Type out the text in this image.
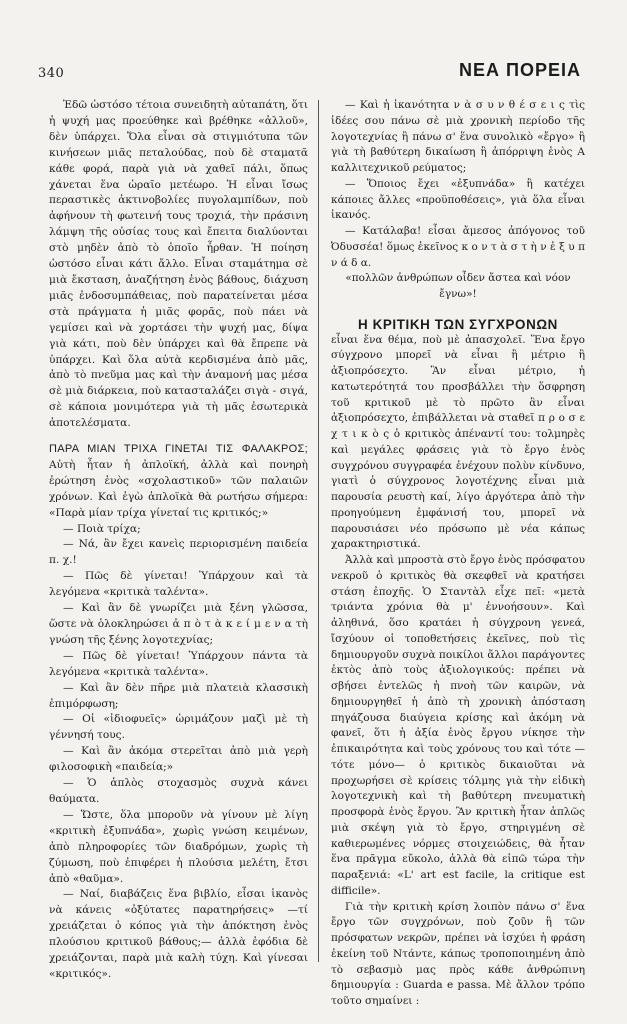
340	ΝΕΑ ΠΟΡΕΙΑ

Ἐδῶ ὡστόσο τέτοια συνειδητὴ αὐταπάτη, ὅτι ἡ ψυχή μας προεύθηκε καὶ βρέθηκε «ἀλλοῦ», δὲν ὑπάρχει. Ὅλα εἶναι σὰ στιγμιότυπα τῶν κινήσεων μιᾶς πεταλούδας, ποὺ δὲ σταματᾶ κάθε φορά, παρὰ γιὰ νὰ χαθεῖ πάλι, ὅπως χάνεται ἕνα ὡραῖο μετέωρο. Ἡ εἶναι ἴσως περαστικὲς ἀκτινοβολίες πυγολαμπίδων, ποὺ ἀφήνουν τὴ φωτεινή τους τροχιά, τὴν πράσινη λάμψη τῆς οὐσίας τους καὶ ἔπειτα διαλύονται στὸ μηδὲν ἀπὸ τὸ ὁποῖο ἦρθαν. Ἡ ποίηση ὡστόσο εἶναι κάτι ἄλλο. Εἶναι σταμάτημα σὲ μιὰ ἔκσταση, ἀναζήτηση ἑνὸς βάθους, διάχυση μιᾶς ἐνδοσυμπάθειας, ποὺ παρατείνεται μέσα στὰ πράγματα ἡ μιᾶς φορᾶς, ποὺ πάει νὰ γεμίσει καὶ νὰ χορτάσει τὴν ψυχή μας, δίψα γιὰ κάτι, ποὺ δὲν ὑπάρχει καὶ θὰ ἔπρεπε νὰ ὑπάρχει. Καὶ ὅλα αὐτὰ κερδισμένα ἀπὸ μᾶς, ἀπὸ τὸ πνεῦμα μας καὶ τὴν ἀναμονή μας μέσα σὲ μιὰ διάρκεια, ποὺ κατασταλάζει σιγὰ - σιγά, σὲ κάποια μονιμότερα γιὰ τὴ μᾶς ἐσωτερικὰ ἀποτελέσματα.

ΠΑΡΑ ΜΙΑΝ ΤΡΙΧΑ ΓΙΝΕΤΑΙ ΤΙΣ ΦΑΛΑΚΡΟΣ; Αὐτὴ ἦταν ἡ ἁπλοϊκή, ἀλλὰ καὶ πονηρὴ ἐρώτηση ἑνὸς «σχολαστικοῦ» τῶν παλαιῶν χρόνων. Καὶ ἐγὼ ἁπλοϊκὰ θὰ ρωτήσω σήμερα: «Παρὰ μίαν τρίχα γίνεταί τις κριτικός;»

— Ποιὰ τρίχα;

— Νά, ἂν ἔχει κανεὶς περιορισμένη παιδεία π. χ.!

— Πῶς δὲ γίνεται! Ὑπάρχουν καὶ τὰ λεγόμενα «κριτικὰ ταλέντα».

— Καὶ ἂν δὲ γνωρίζει μιὰ ξένη γλῶσσα, ὥστε νὰ ὁλοκληρώσει ἀ π ὸ τ ὰ κ ε ί μ ε ν α τὴ γνώση τῆς ξένης λογοτεχνίας;

— Πῶς δὲ γίνεται! Ὑπάρχουν πάντα τὰ λεγόμενα «κριτικὰ ταλέντα».

— Καὶ ἂν δὲν πῆρε μιὰ πλατειὰ κλασσικὴ ἐπιμόρφωση;

— Οἱ «ἰδιοφυεῖς» ὡριμάζουν μαζὶ μὲ τὴ γέννησή τους.

— Καὶ ἂν ἀκόμα στερεῖται ἀπὸ μιὰ γερὴ φιλοσοφικὴ «παιδεία;»

— Ὁ ἁπλὸς στοχασμὸς συχνὰ κάνει θαύματα.

— Ὥστε, ὅλα μποροῦν νὰ γίνουν μὲ λίγη «κριτικὴ ἐξυπνάδα», χωρὶς γνώση κειμένων, ἀπὸ πληροφορίες τῶν διαδρόμων, χωρὶς τὴ ζύμωση, ποὺ ἐπιφέρει ἡ πλούσια μελέτη, ἔτσι ἀπὸ «θαῦμα».

— Ναί, διαβάζεις ἕνα βιβλίο, εἶσαι ἱκανὸς νὰ κάνεις «ὀξύτατες παρατηρήσεις» —τί χρειάζεται ὁ κόπος γιὰ τὴν ἀπόκτηση ἑνὸς πλούσιου κριτικοῦ βάθους;— ἀλλὰ ἐφόδια δὲ χρειάζονται, παρὰ μιὰ καλὴ τύχη. Καὶ γίνεσαι «κριτικός».

— Καὶ ἡ ἱκανότητα ν ὰ σ υ ν θ έ σ ε ι ς τὶς ἰδέες σου πάνω σὲ μιὰ χρονικὴ περίοδο τῆς λογοτεχνίας ἢ πάνω σ' ἕνα συνολικὸ «ἔργο» ἢ γιὰ τὴ βαθύτερη δικαίωση ἢ ἀπόρριψη ἑνὸς Α καλλιτεχνικοῦ ρεύματος;

— Ὅποιος ἔχει «ἐξυπνάδα» ἢ κατέχει κάποιες ἄλλες «προϋποθέσεις», γιὰ ὅλα εἶναι ἱκανός.

— Κατάλαβα! εἶσαι ἄμεσος ἀπόγονος τοῦ Ὀδυσσέα! ὅμως ἐκεῖνος κ ο ν τ ὰ σ τ ὴ ν ἐ ξ υ π ν ά δ α.

«πολλῶν ἀνθρώπων οἶδεν ἄστεα καὶ νόον ἔγνω»!

Η ΚΡΙΤΙΚΗ ΤΩΝ ΣΥΓΧΡΟΝΩΝ

εἶναι ἕνα θέμα, ποὺ μὲ ἀπασχολεῖ. Ἕνα ἔργο σύγχρονο μπορεῖ νὰ εἶναι ἢ μέτριο ἢ ἀξιοπρόσεχτο. Ἂν εἶναι μέτριο, ἡ κατωτερότητά του προσβάλλει τὴν ὅσφρηση τοῦ κριτικοῦ μὲ τὸ πρῶτο ἂν εἶναι ἀξιοπρόσεχτο, ἐπιβάλλεται νὰ σταθεῖ π ρ ο σ ε χ τ ι κ ὸ ς ὁ κριτικὸς ἀπέναντί του: τολμηρὲς καὶ μεγάλες φράσεις γιὰ τὸ ἔργο ἑνὸς συγχρόνου συγγραφέα ἐνέχουν πολὺν κίνδυνο, γιατὶ ὁ σύγχρονος λογοτέχνης εἶναι μιὰ παρουσία ρευστὴ καί, λίγο ἀργότερα ἀπὸ τὴν προηγούμενη ἐμφάνισή του, μπορεῖ νὰ παρουσιάσει νέο πρόσωπο μὲ νέα κάπως χαρακτηριστικά.

Ἀλλὰ καὶ μπροστὰ στὸ ἔργο ἑνὸς πρόσφατου νεκροῦ ὁ κριτικὸς θὰ σκεφθεῖ νὰ κρατήσει στάση ἐποχῆς. Ὁ Σταντὰλ εἶχε πεῖ: «μετὰ τριάντα χρόνια θὰ μ' ἐννοήσουν». Καὶ ἀληθινά, ὅσο κρατάει ἡ σύγχρονη γενεά, ἴσχύουν οἱ τοποθετήσεις ἐκεῖνες, ποὺ τὶς δημιουργοῦν συχνὰ ποικίλοι ἄλλοι παράγοντες ἐκτὸς ἀπὸ τοὺς ἀξιολογικούς: πρέπει νὰ σβήσει ἐντελῶς ἡ πνοὴ τῶν καιρῶν, νὰ δημιουργηθεῖ ἡ ἀπὸ τὴ χρονικὴ ἀπόσταση πηγάζουσα διαύγεια κρίσης καὶ ἀκόμη νὰ φανεῖ, ὅτι ἡ ἀξία ἑνὸς ἔργου νίκησε τὴν ἐπικαιρότητα καὶ τοὺς χρόνους του καὶ τότε —τότε μόνο— ὁ κριτικὸς δικαιοῦται νὰ προχωρήσει σὲ κρίσεις τόλμης γιὰ τὴν εἰδικὴ λογοτεχνικὴ καὶ τὴ βαθύτερη πνευματικὴ προσφορὰ ἑνὸς ἔργου. Ἂν κριτικὴ ἦταν ἁπλῶς μιὰ σκέψη γιὰ τὸ ἔργο, στηριγμένη σὲ καθιερωμένες νόρμες στοιχειώδεις, θὰ ἦταν ἕνα πρᾶγμα εὔκολο, ἀλλὰ θὰ εἰπῶ τώρα τὴν παραξενιά: «L' art est facile, la critique est difficile».

Γιὰ τὴν κριτικὴ κρίση λοιπὸν πάνω σ' ἕνα ἔργο τῶν συγχρόνων, ποὺ ζοῦν ἢ τῶν πρόσφατων νεκρῶν, πρέπει νὰ ἰσχύει ἡ φράση ἐκείνη τοῦ Ντάντε, κάπως τροποποιημένη ἀπὸ τὸ σεβασμὸ μας πρὸς κάθε ἀνθρώπινη δημιουργία : Guarda e passa. Μὲ ἄλλον τρόπο τοῦτο σημαίνει :
